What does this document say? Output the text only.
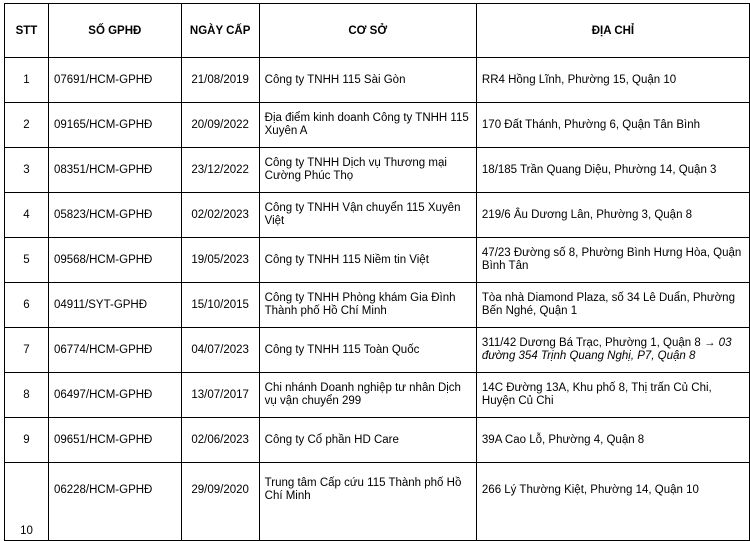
STT	SỐ GPHĐ	NGÀY CẤP	CƠ SỞ	ĐỊA CHỈ
1	07691/HCM-GPHĐ	21/08/2019	Công ty TNHH 115 Sài Gòn	RR4 Hồng Lĩnh, Phường 15, Quận 10
2	09165/HCM-GPHĐ	20/09/2022	Địa điểm kinh doanh Công ty TNHH 115 Xuyên A	170 Đất Thánh, Phường 6, Quận Tân Bình
3	08351/HCM-GPHĐ	23/12/2022	Công ty TNHH Dịch vụ Thương mại Cường Phúc Thọ	18/185 Trần Quang Diệu, Phường 14, Quận 3
4	05823/HCM-GPHĐ	02/02/2023	Công ty TNHH Vận chuyển 115 Xuyên Việt	219/6 Âu Dương Lân, Phường 3, Quận 8
5	09568/HCM-GPHĐ	19/05/2023	Công ty TNHH 115 Niềm tin Việt	47/23 Đường số 8, Phường Bình Hưng Hòa, Quận Bình Tân
6	04911/SYT-GPHĐ	15/10/2015	Công ty TNHH Phòng khám Gia Đình Thành phố Hồ Chí Minh	Tòa nhà Diamond Plaza, số 34 Lê Duẩn, Phường Bến Nghé, Quận 1
7	06774/HCM-GPHĐ	04/07/2023	Công ty TNHH 115 Toàn Quốc	311/42 Dương Bá Trạc, Phường 1, Quận 8 → 03 đường 354 Trịnh Quang Nghị, P7, Quận 8
8	06497/HCM-GPHĐ	13/07/2017	Chi nhánh Doanh nghiệp tư nhân Dịch vụ vận chuyển 299	14C Đường 13A, Khu phố 8, Thị trấn Củ Chi, Huyện Củ Chi
9	09651/HCM-GPHĐ	02/06/2023	Công ty Cổ phần HD Care	39A Cao Lỗ, Phường 4, Quận 8
10	06228/HCM-GPHĐ	29/09/2020	Trung tâm Cấp cứu 115 Thành phố Hồ Chí Minh	266 Lý Thường Kiệt, Phường 14, Quận 10
